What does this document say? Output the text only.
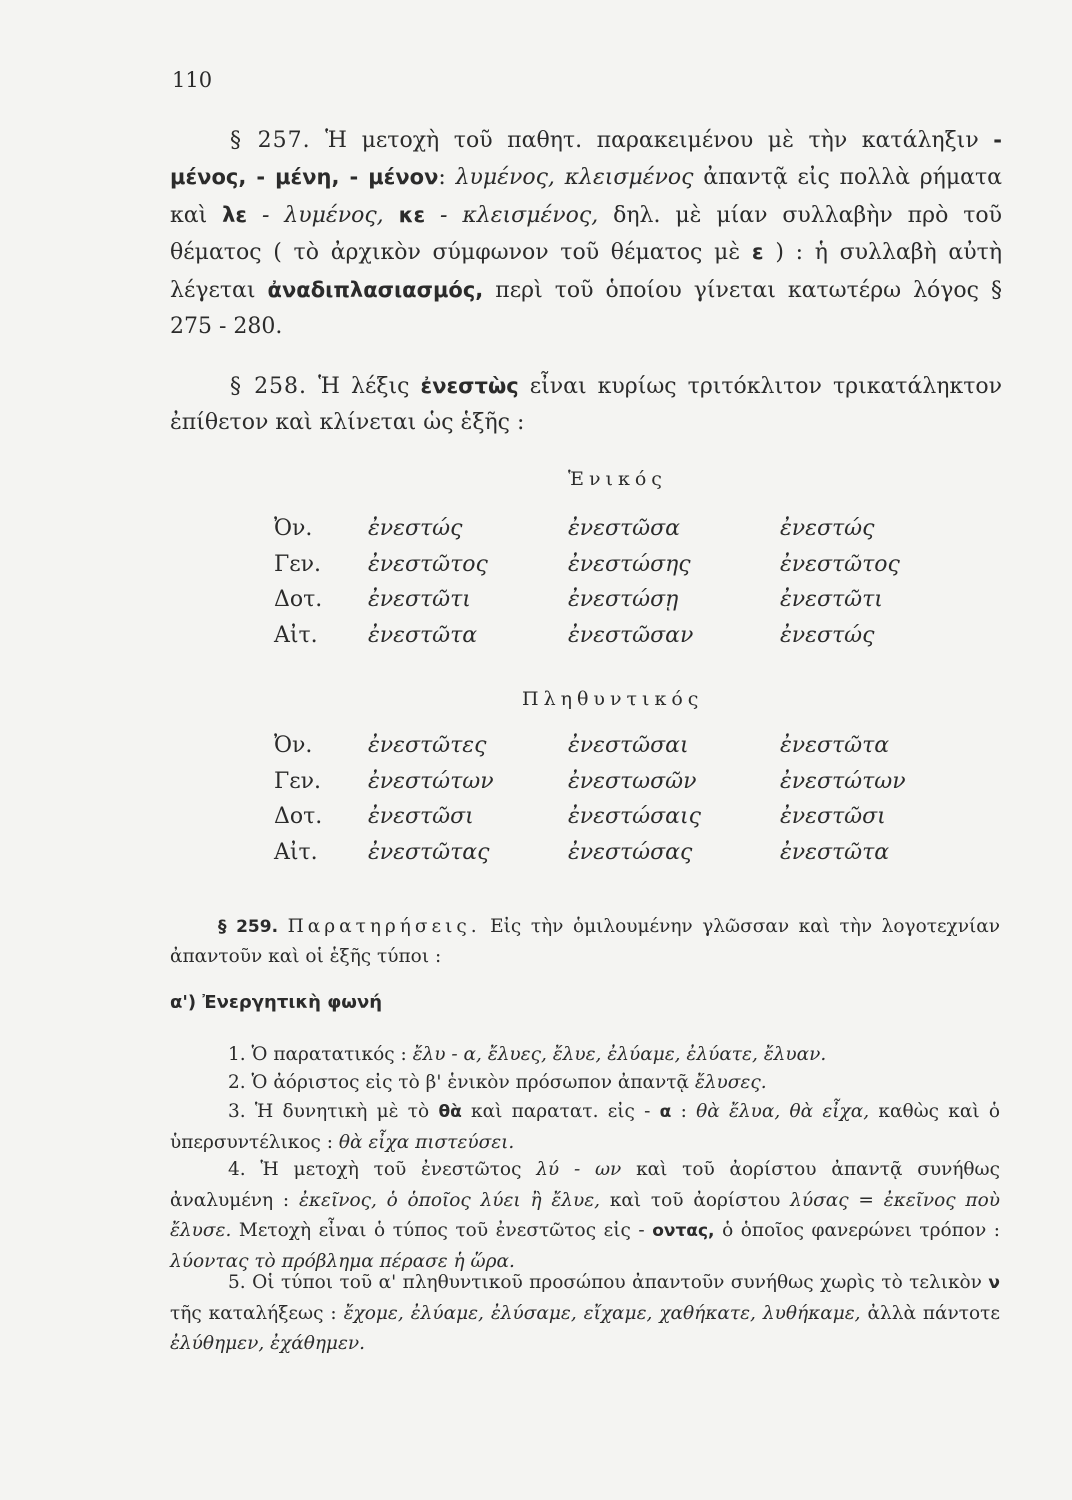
110

§ 257. Ἡ μετοχὴ τοῦ παθητ. παρακειμένου μὲ τὴν κατάληξιν - μένος, - μένη, - μένον: λυμένος, κλεισμένος ἀπαντᾷ εἰς πολλὰ ρήματα καὶ λε - λυμένος, κε - κλεισμένος, δηλ. μὲ μίαν συλλαβὴν πρὸ τοῦ θέματος ( τὸ ἀρχικὸν σύμφωνον τοῦ θέματος μὲ ε ) : ἡ συλλαβὴ αὐτὴ λέγεται ἀναδιπλασιασμός, περὶ τοῦ ὁποίου γίνεται κατωτέρω λόγος § 275 - 280.

§ 258. Ἡ λέξις ἐνεστὼς εἶναι κυρίως τριτόκλιτον τρικατάληκτον ἐπίθετον καὶ κλίνεται ὡς ἑξῆς :

Ἑνικός
Ὀν.	ἐνεστώς	ἐνεστῶσα	ἐνεστώς
Γεν.	ἐνεστῶτος	ἐνεστώσης	ἐνεστῶτος
Δοτ.	ἐνεστῶτι	ἐνεστώσῃ	ἐνεστῶτι
Αἰτ.	ἐνεστῶτα	ἐνεστῶσαν	ἐνεστώς
Πληθυντικός
Ὀν.	ἐνεστῶτες	ἐνεστῶσαι	ἐνεστῶτα
Γεν.	ἐνεστώτων	ἐνεστωσῶν	ἐνεστώτων
Δοτ.	ἐνεστῶσι	ἐνεστώσαις	ἐνεστῶσι
Αἰτ.	ἐνεστῶτας	ἐνεστώσας	ἐνεστῶτα

§ 259. Παρατηρήσεις. Εἰς τὴν ὁμιλουμένην γλῶσσαν καὶ τὴν λογοτεχνίαν ἀπαντοῦν καὶ οἱ ἑξῆς τύποι :

α') Ἐνεργητικὴ φωνή

1. Ὁ παρατατικός : ἔλυ - α, ἔλυες, ἔλυε, ἐλύαμε, ἐλύατε, ἔλυαν.

2. Ὁ ἀόριστος εἰς τὸ β' ἑνικὸν πρόσωπον ἀπαντᾷ ἔλυσες.

3. Ἡ δυνητικὴ μὲ τὸ θὰ καὶ παρατατ. εἰς - α : θὰ ἔλυα, θὰ εἶχα, καθὼς καὶ ὁ ὑπερσυντέλικος : θὰ εἶχα πιστεύσει.

4. Ἡ μετοχὴ τοῦ ἐνεστῶτος λύ - ων καὶ τοῦ ἀορίστου ἀπαντᾷ συνήθως ἀναλυμένη : ἐκεῖνος, ὁ ὁποῖος λύει ἢ ἔλυε, καὶ τοῦ ἀορίστου λύσας = ἐκεῖνος ποὺ ἔλυσε. Μετοχὴ εἶναι ὁ τύπος τοῦ ἐνεστῶτος εἰς - οντας, ὁ ὁποῖος φανερώνει τρόπον : λύοντας τὸ πρόβλημα πέρασε ἡ ὥρα.

5. Οἱ τύποι τοῦ α' πληθυντικοῦ προσώπου ἀπαντοῦν συνήθως χωρὶς τὸ τελικὸν ν τῆς καταλήξεως : ἔχομε, ἐλύαμε, ἐλύσαμε, εἴχαμε, χαθήκατε, λυθήκαμε, ἀλλὰ πάντοτε ἐλύθημεν, ἐχάθημεν.
